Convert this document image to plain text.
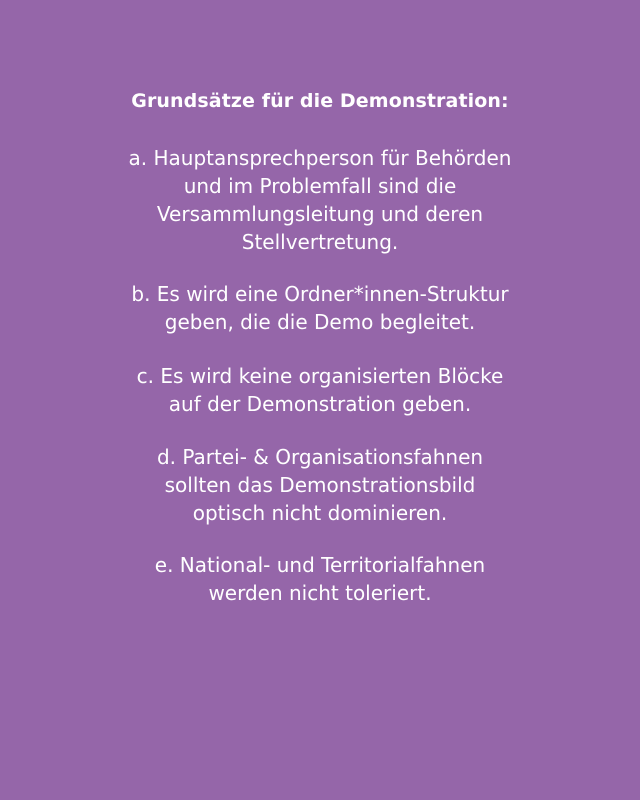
Grundsätze für die Demonstration:
a. Hauptansprechperson für Behörden
und im Problemfall sind die
Versammlungsleitung und deren
Stellvertretung.
b. Es wird eine Ordner*innen-Struktur
geben, die die Demo begleitet.
c. Es wird keine organisierten Blöcke
auf der Demonstration geben.
d. Partei- & Organisationsfahnen
sollten das Demonstrationsbild
optisch nicht dominieren.
e. National- und Territorialfahnen
werden nicht toleriert.
